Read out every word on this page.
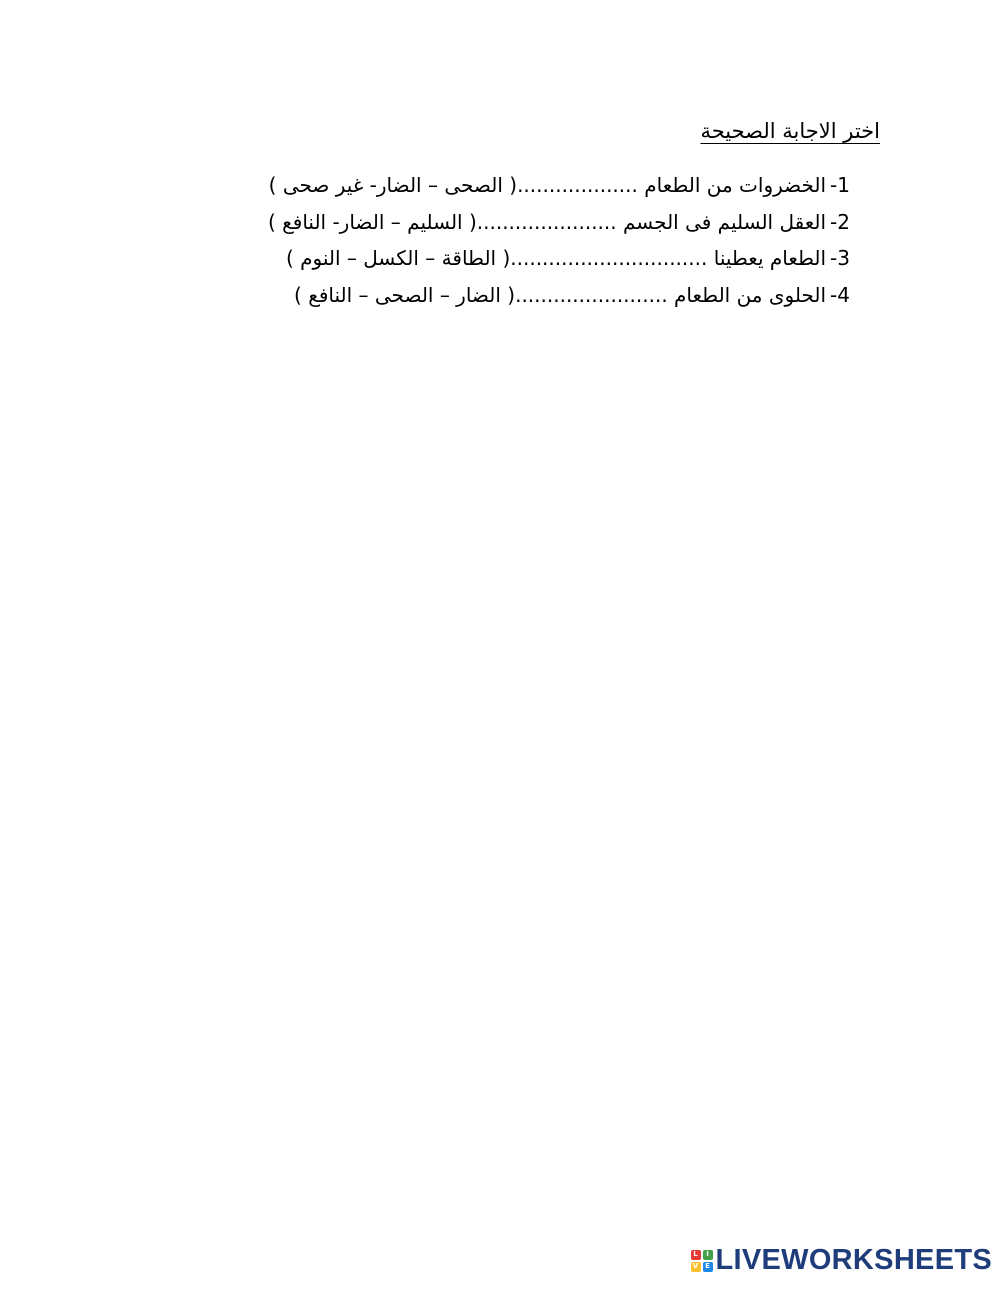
اختر الاجابة الصحيحة
1-الخضروات من الطعام ...................( الصحى – الضار- غير صحى )
2-العقل السليم فى الجسم ......................( السليم – الضار- النافع )
3-الطعام يعطينا ...............................( الطاقة – الكسل – النوم )
4-الحلوى من الطعام ........................( الضار – الصحى – النافع )
L	I
V E LIVEWORKSHEETS
